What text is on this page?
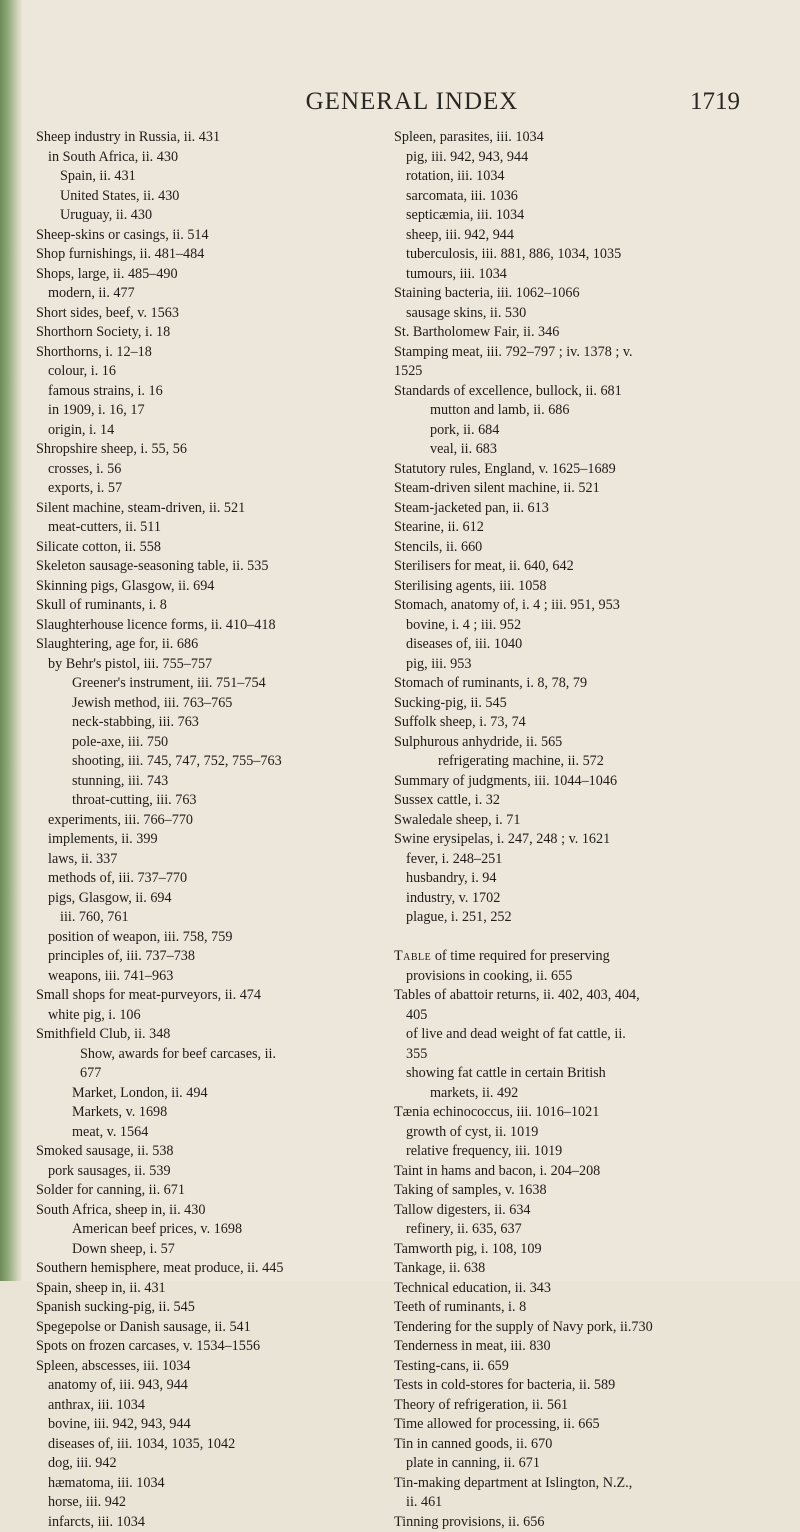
GENERAL INDEX	1719

Sheep industry in Russia, ii. 431

in South Africa, ii. 430

Spain, ii. 431

United States, ii. 430

Uruguay, ii. 430

Sheep-skins or casings, ii. 514

Shop furnishings, ii. 481–484

Shops, large, ii. 485–490

modern, ii. 477

Short sides, beef, v. 1563

Shorthorn Society, i. 18

Shorthorns, i. 12–18

colour, i. 16

famous strains, i. 16

in 1909, i. 16, 17

origin, i. 14

Shropshire sheep, i. 55, 56

crosses, i. 56

exports, i. 57

Silent machine, steam-driven, ii. 521

meat-cutters, ii. 511

Silicate cotton, ii. 558

Skeleton sausage-seasoning table, ii. 535

Skinning pigs, Glasgow, ii. 694

Skull of ruminants, i. 8

Slaughterhouse licence forms, ii. 410–418

Slaughtering, age for, ii. 686

by Behr's pistol, iii. 755–757

Greener's instrument, iii. 751–754

Jewish method, iii. 763–765

neck-stabbing, iii. 763

pole-axe, iii. 750

shooting, iii. 745, 747, 752, 755–763

stunning, iii. 743

throat-cutting, iii. 763

experiments, iii. 766–770

implements, ii. 399

laws, ii. 337

methods of, iii. 737–770

pigs, Glasgow, ii. 694

iii. 760, 761

position of weapon, iii. 758, 759

principles of, iii. 737–738

weapons, iii. 741–963

Small shops for meat-purveyors, ii. 474

white pig, i. 106

Smithfield Club, ii. 348

Show, awards for beef carcases, ii.

677

Market, London, ii. 494

Markets, v. 1698

meat, v. 1564

Smoked sausage, ii. 538

pork sausages, ii. 539

Solder for canning, ii. 671

South Africa, sheep in, ii. 430

American beef prices, v. 1698

Down sheep, i. 57

Southern hemisphere, meat produce, ii. 445

Spain, sheep in, ii. 431

Spanish sucking-pig, ii. 545

Spegepolse or Danish sausage, ii. 541

Spots on frozen carcases, v. 1534–1556

Spleen, abscesses, iii. 1034

anatomy of, iii. 943, 944

anthrax, iii. 1034

bovine, iii. 942, 943, 944

diseases of, iii. 1034, 1035, 1042

dog, iii. 942

hæmatoma, iii. 1034

horse, iii. 942

infarcts, iii. 1034

Spleen, parasites, iii. 1034

pig, iii. 942, 943, 944

rotation, iii. 1034

sarcomata, iii. 1036

septicæmia, iii. 1034

sheep, iii. 942, 944

tuberculosis, iii. 881, 886, 1034, 1035

tumours, iii. 1034

Staining bacteria, iii. 1062–1066

sausage skins, ii. 530

St. Bartholomew Fair, ii. 346

Stamping meat, iii. 792–797 ; iv. 1378 ; v.

1525

Standards of excellence, bullock, ii. 681

mutton and lamb, ii. 686

pork, ii. 684

veal, ii. 683

Statutory rules, England, v. 1625–1689

Steam-driven silent machine, ii. 521

Steam-jacketed pan, ii. 613

Stearine, ii. 612

Stencils, ii. 660

Sterilisers for meat, ii. 640, 642

Sterilising agents, iii. 1058

Stomach, anatomy of, i. 4 ; iii. 951, 953

bovine, i. 4 ; iii. 952

diseases of, iii. 1040

pig, iii. 953

Stomach of ruminants, i. 8, 78, 79

Sucking-pig, ii. 545

Suffolk sheep, i. 73, 74

Sulphurous anhydride, ii. 565

refrigerating machine, ii. 572

Summary of judgments, iii. 1044–1046

Sussex cattle, i. 32

Swaledale sheep, i. 71

Swine erysipelas, i. 247, 248 ; v. 1621

fever, i. 248–251

husbandry, i. 94

industry, v. 1702

plague, i. 251, 252

Table of time required for preserving

provisions in cooking, ii. 655

Tables of abattoir returns, ii. 402, 403, 404,

405

of live and dead weight of fat cattle, ii.

355

showing fat cattle in certain British

markets, ii. 492

Tænia echinococcus, iii. 1016–1021

growth of cyst, ii. 1019

relative frequency, iii. 1019

Taint in hams and bacon, i. 204–208

Taking of samples, v. 1638

Tallow digesters, ii. 634

refinery, ii. 635, 637

Tamworth pig, i. 108, 109

Tankage, ii. 638

Technical education, ii. 343

Teeth of ruminants, i. 8

Tendering for the supply of Navy pork, ii.730

Tenderness in meat, iii. 830

Testing-cans, ii. 659

Tests in cold-stores for bacteria, ii. 589

Theory of refrigeration, ii. 561

Time allowed for processing, ii. 665

Tin in canned goods, ii. 670

plate in canning, ii. 671

Tin-making department at Islington, N.Z.,

ii. 461

Tinning provisions, ii. 656
